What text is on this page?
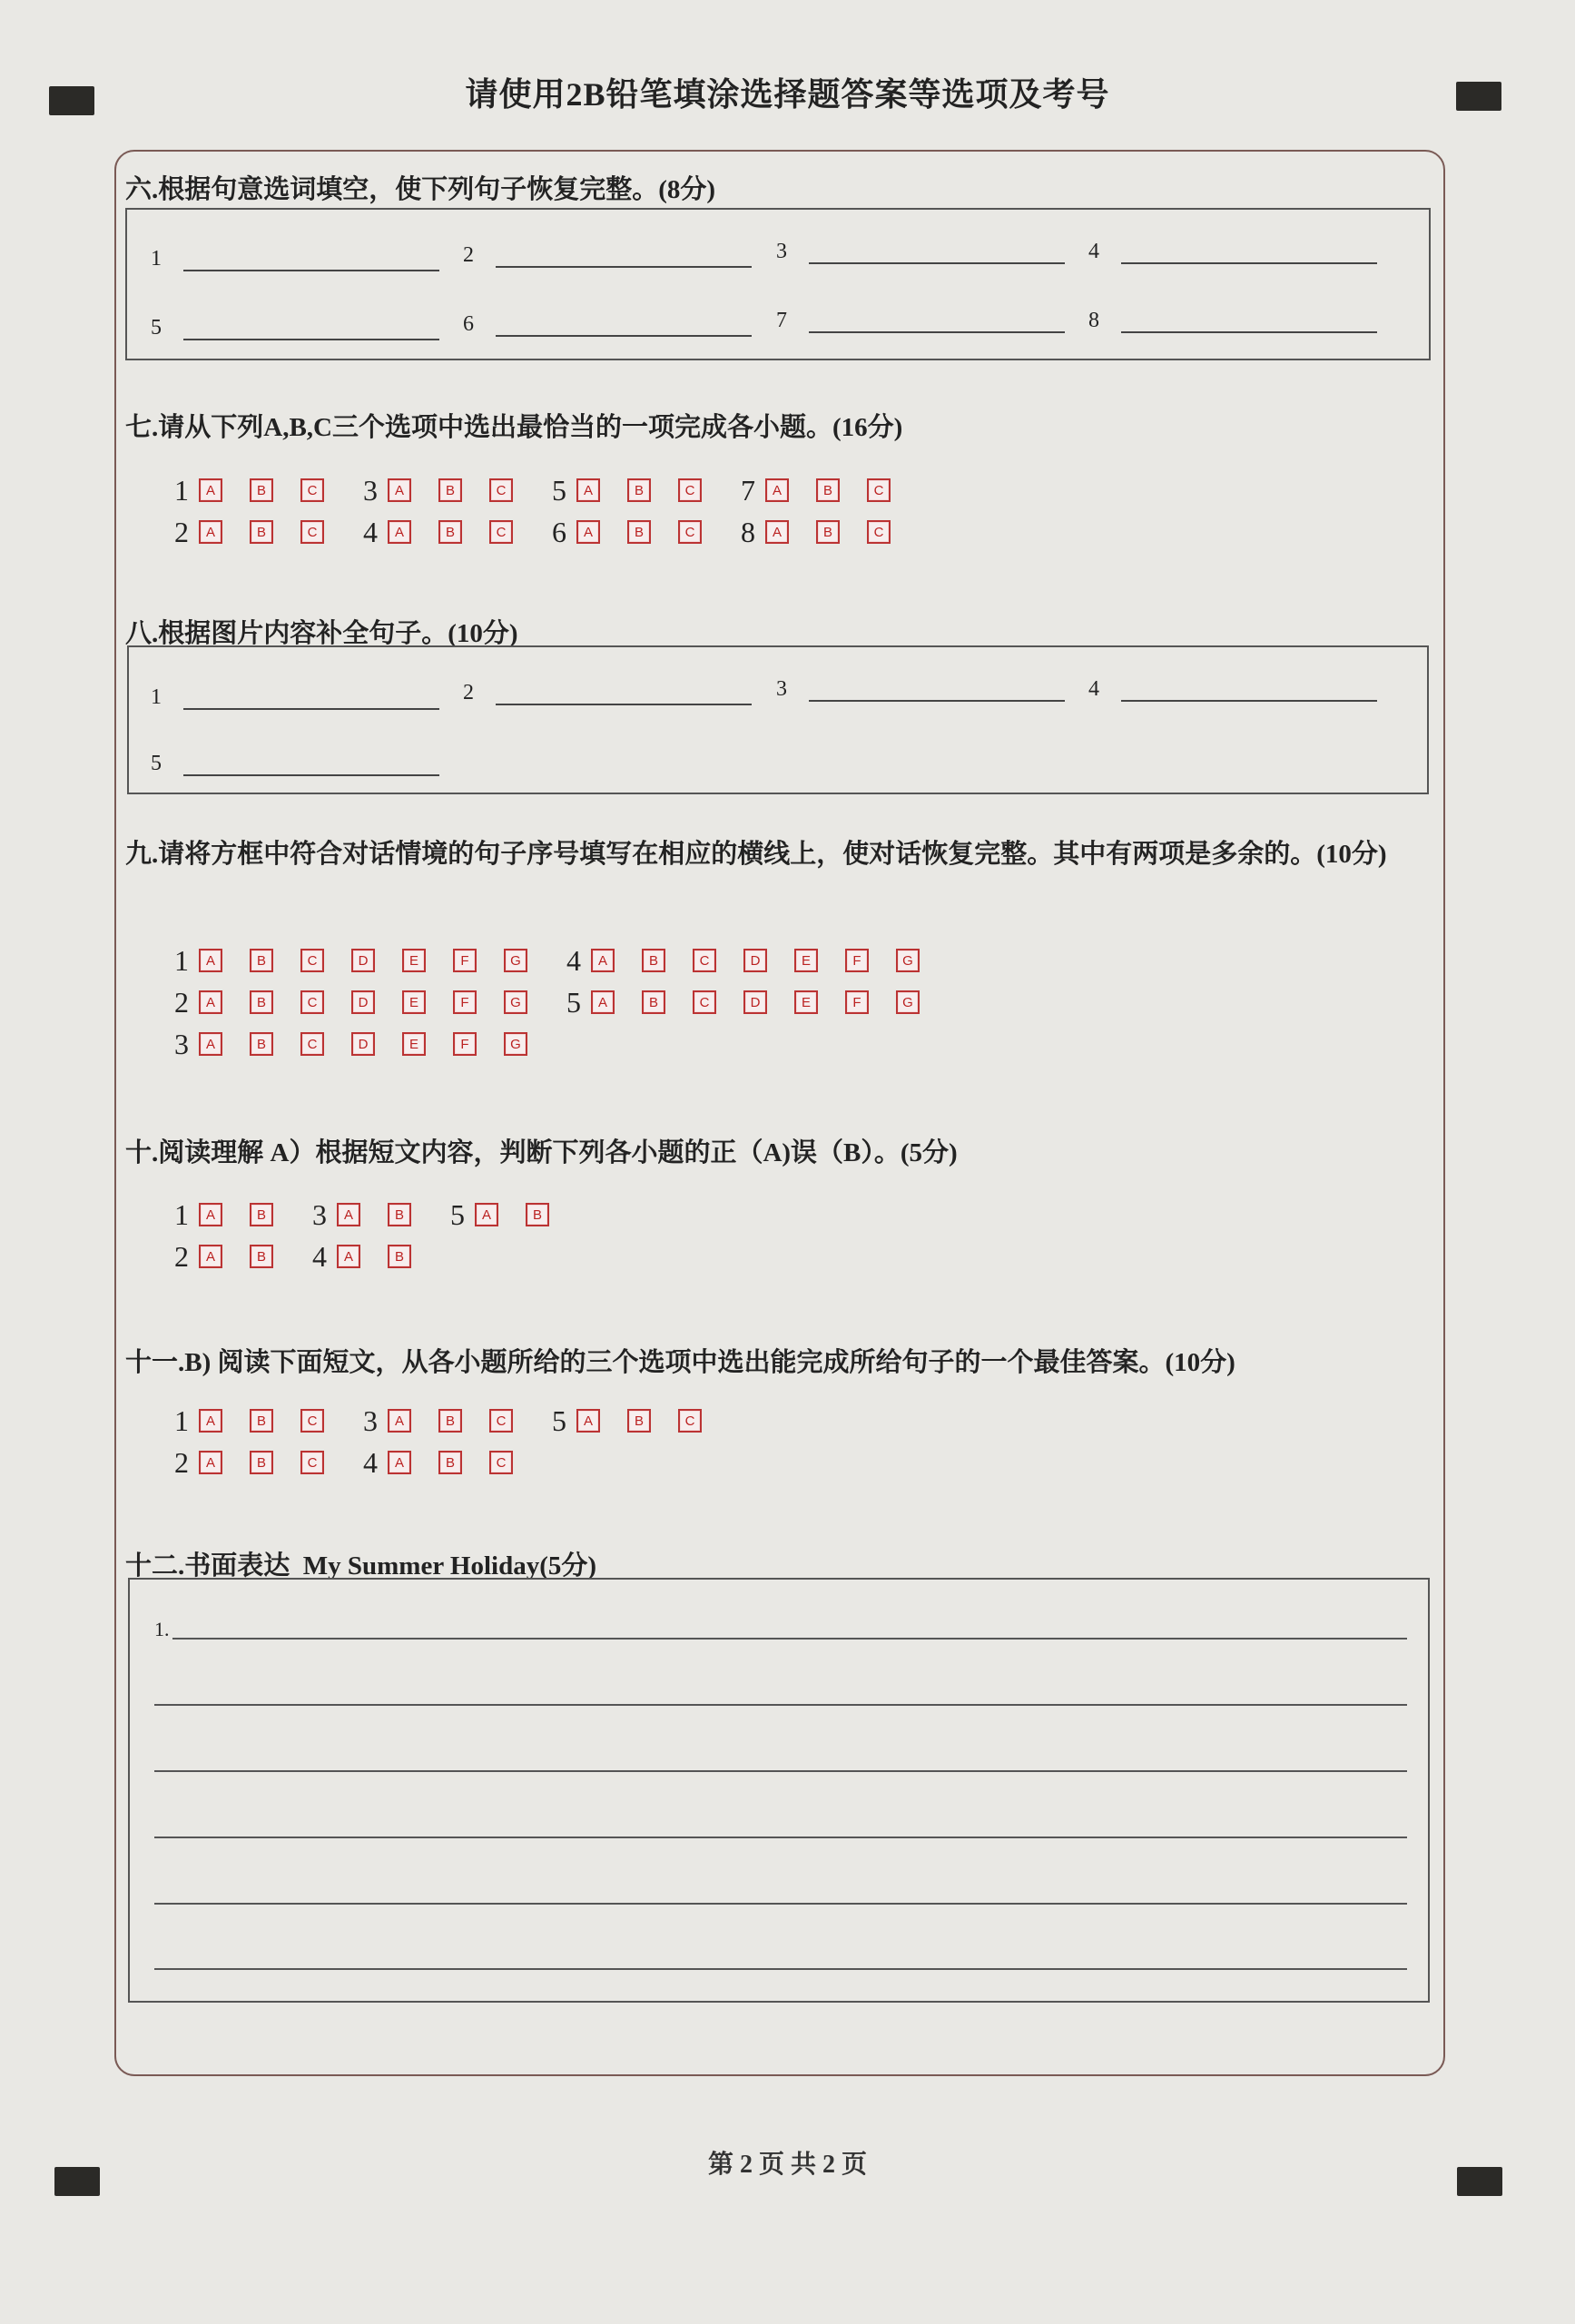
请使用2B铅笔填涂选择题答案等选项及考号
六.根据句意选词填空，使下列句子恢复完整。(8分)
1	2	3	4
5	6	7	8
七.请从下列A,B,C三个选项中选出最恰当的一项完成各小题。(16分)
1	A	B	C 3	A	B	C 5	A	B	C 7	A	B	C
2	A	B	C 4	A	B	C 6	A	B	C 8	A	B	C
八.根据图片内容补全句子。(10分)
1	2	3	4
5
九.请将方框中符合对话情境的句子序号填写在相应的横线上，使对话恢复完整。其中有两项是多余的。(10分)
1	A	B	C	D	E	F	G 4	A	B	C	D	E	F	G
2	A	B	C	D	E	F	G 5	A	B	C	D	E	F	G
3	A	B	C	D	E	F	G
十.阅读理解 A）根据短文内容，判断下列各小题的正（A)误（B）。(5分)
1	A	B 3	A	B 5	A	B
2	A	B 4	A	B
十一.B) 阅读下面短文，从各小题所给的三个选项中选出能完成所给句子的一个最佳答案。(10分)
1	A	B	C 3	A	B	C 5	A	B	C
2	A	B	C 4	A	B	C
十二.书面表达 My Summer Holiday(5分)
1.
第 2 页 共 2 页
